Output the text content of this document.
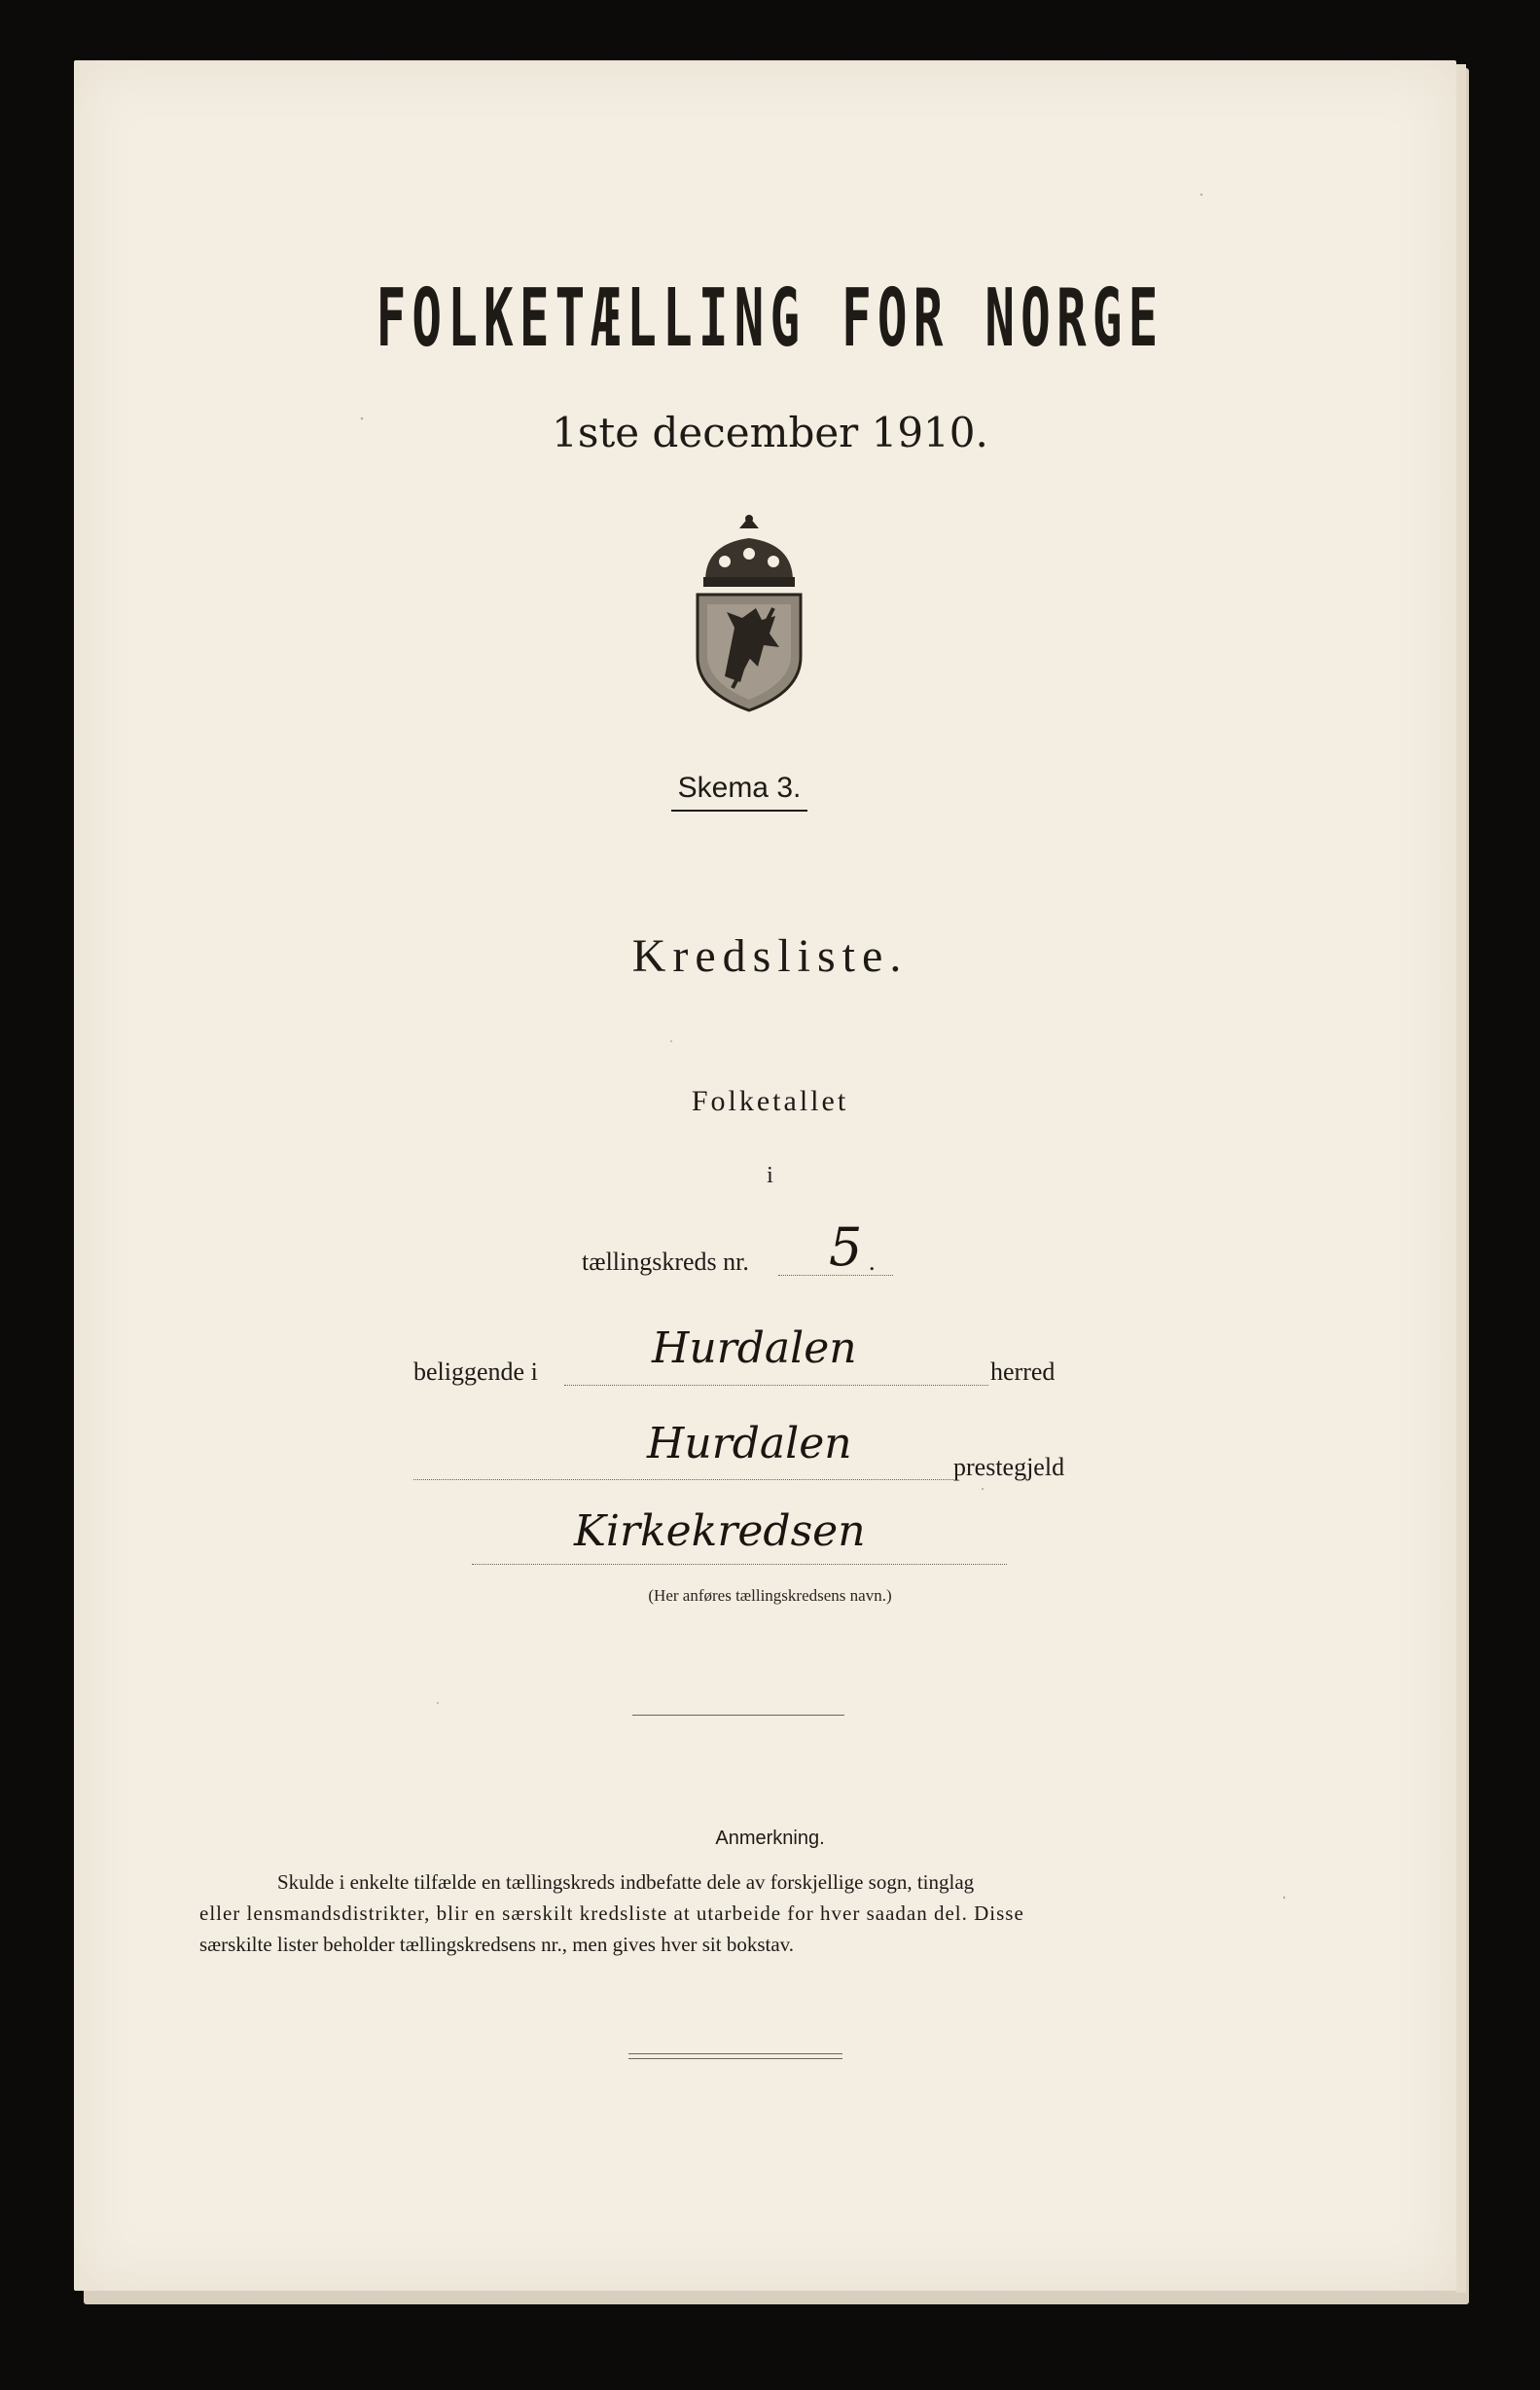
FOLKETÆLLING FOR NORGE
1ste december 1910.
Skema 3.
Kredsliste.
Folketallet
i
tællingskreds nr. 5 .
beliggende i	Hurdalen	herred
Hurdalen	prestegjeld
Kirkekredsen
(Her anføres tællingskredsens navn.)
Anmerkning.
Skulde i enkelte tilfælde en tællingskreds indbefatte dele av forskjellige sogn, tinglag
eller lensmandsdistrikter, blir en særskilt kredsliste at utarbeide for hver saadan del. Disse
særskilte lister beholder tællingskredsens nr., men gives hver sit bokstav.
